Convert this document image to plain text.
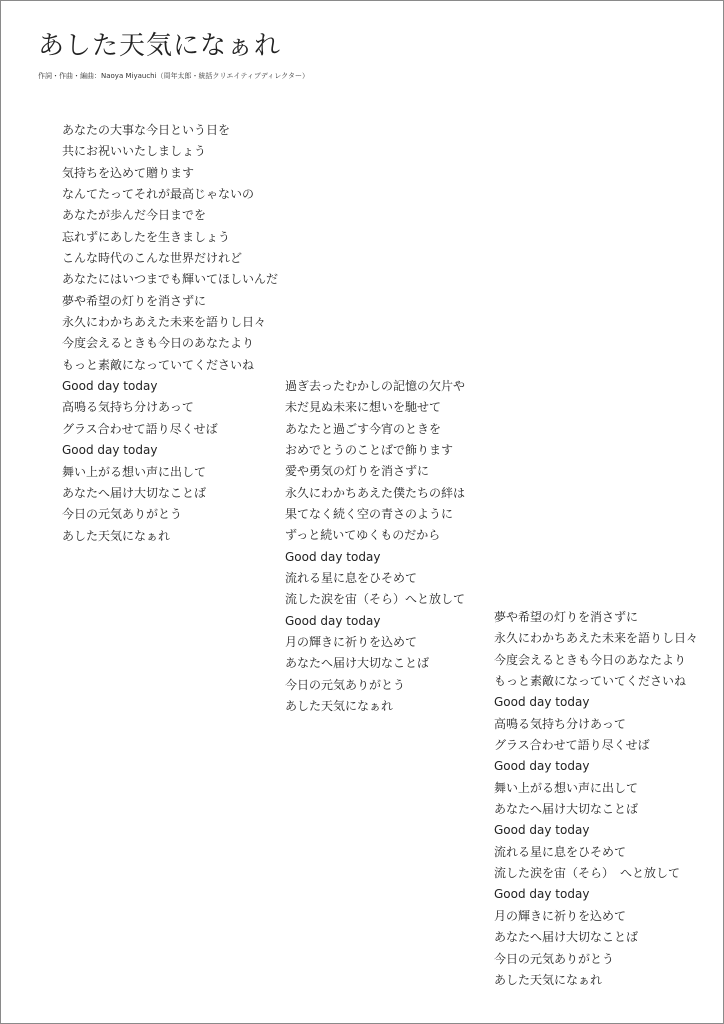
あした天気になぁれ
作詞・作曲・編曲：Naoya Miyauchi（周年太郎・統括クリエイティブディレクター）
あなたの大事な今日という日を
共にお祝いいたしましょう
気持ちを込めて贈ります
なんてたってそれが最高じゃないの
あなたが歩んだ今日までを
忘れずにあしたを生きましょう
こんな時代のこんな世界だけれど
あなたにはいつまでも輝いてほしいんだ
夢や希望の灯りを消さずに
永久にわかちあえた未来を語りし日々
今度会えるときも今日のあなたより
もっと素敵になっていてくださいね
Good day today
高鳴る気持ち分けあって
グラス合わせて語り尽くせば
Good day today
舞い上がる想い声に出して
あなたへ届け大切なことば
今日の元気ありがとう
あした天気になぁれ
過ぎ去ったむかしの記憶の欠片や
未だ見ぬ未来に想いを馳せて
あなたと過ごす今宵のときを
おめでとうのことばで飾ります
愛や勇気の灯りを消さずに
永久にわかちあえた僕たちの絆は
果てなく続く空の青さのように
ずっと続いてゆくものだから
Good day today
流れる星に息をひそめて
流した涙を宙（そら）へと放して
Good day today
月の輝きに祈りを込めて
あなたへ届け大切なことば
今日の元気ありがとう
あした天気になぁれ
夢や希望の灯りを消さずに
永久にわかちあえた未来を語りし日々
今度会えるときも今日のあなたより
もっと素敵になっていてくださいね
Good day today
高鳴る気持ち分けあって
グラス合わせて語り尽くせば
Good day today
舞い上がる想い声に出して
あなたへ届け大切なことば
Good day today
流れる星に息をひそめて
流した涙を宙（そら）　へと放して
Good day today
月の輝きに祈りを込めて
あなたへ届け大切なことば
今日の元気ありがとう
あした天気になぁれ
